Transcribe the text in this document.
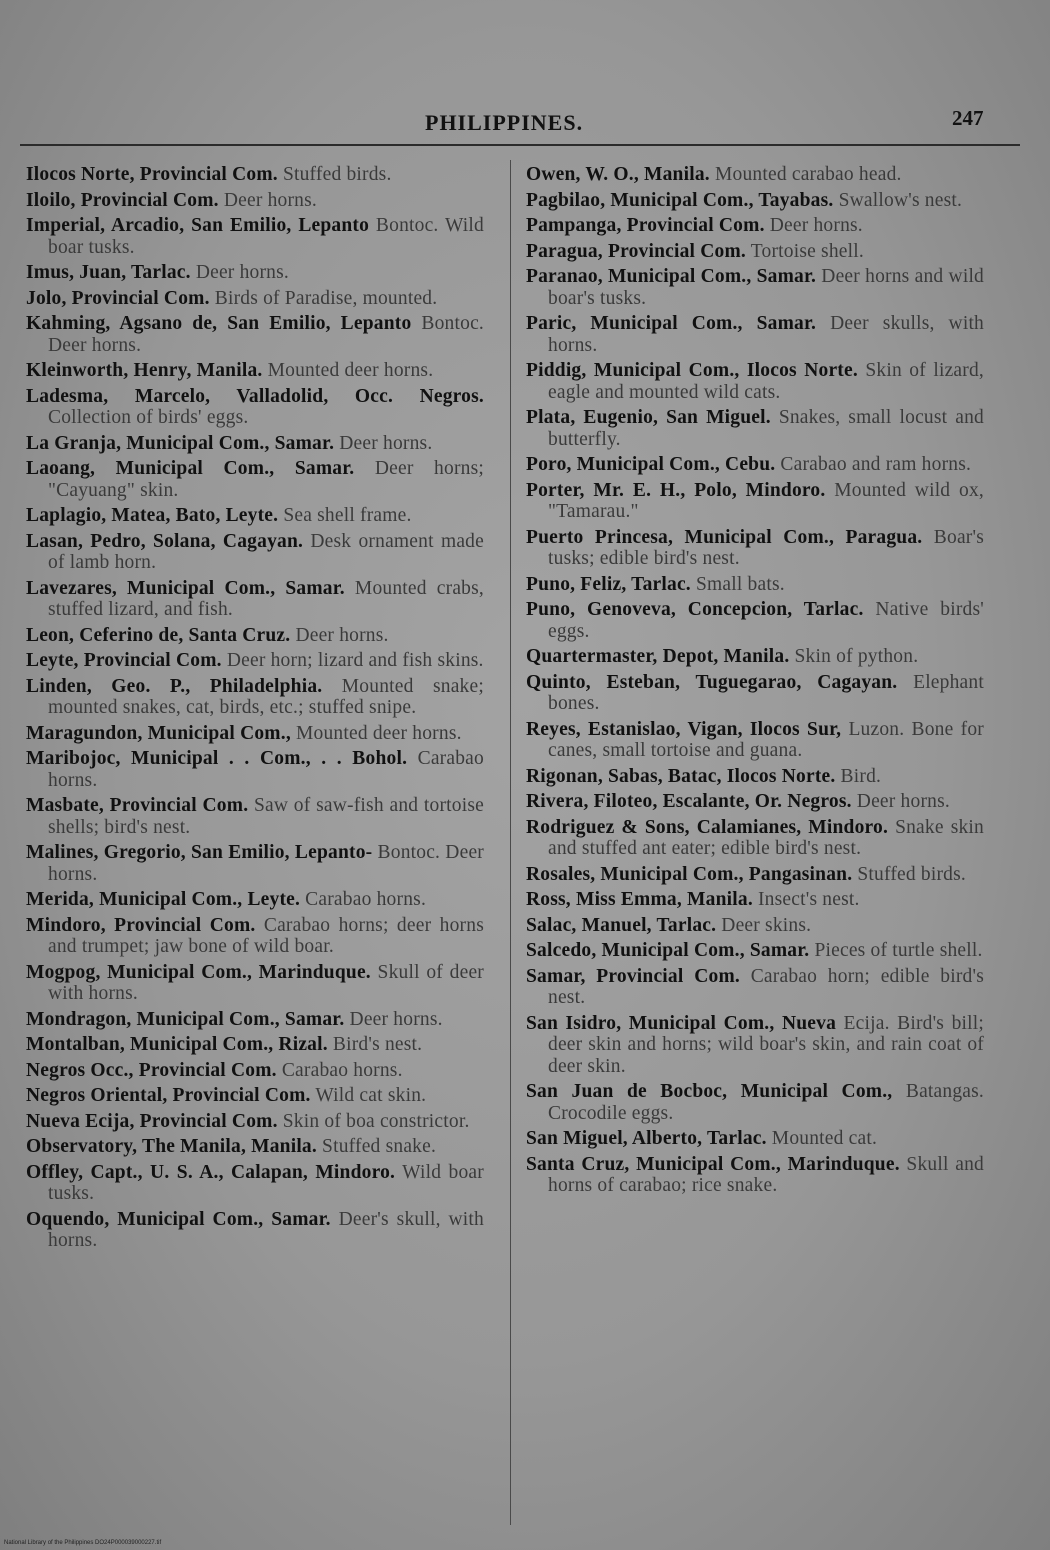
PHILIPPINES.	247

Ilocos Norte, Provincial Com. Stuffed birds.

Iloilo, Provincial Com. Deer horns.

Imperial, Arcadio, San Emilio, Lepanto Bontoc. Wild boar tusks.

Imus, Juan, Tarlac. Deer horns.

Jolo, Provincial Com. Birds of Paradise, mounted.

Kahming, Agsano de, San Emilio, Lepanto Bontoc. Deer horns.

Kleinworth, Henry, Manila. Mounted deer horns.

Ladesma, Marcelo, Valladolid, Occ. Negros. Collection of birds' eggs.

La Granja, Municipal Com., Samar. Deer horns.

Laoang, Municipal Com., Samar. Deer horns; "Cayuang" skin.

Laplagio, Matea, Bato, Leyte. Sea shell frame.

Lasan, Pedro, Solana, Cagayan. Desk ornament made of lamb horn.

Lavezares, Municipal Com., Samar. Mounted crabs, stuffed lizard, and fish.

Leon, Ceferino de, Santa Cruz. Deer horns.

Leyte, Provincial Com. Deer horn; lizard and fish skins.

Linden, Geo. P., Philadelphia. Mounted snake; mounted snakes, cat, birds, etc.; stuffed snipe.

Maragundon, Municipal Com., Mounted deer horns.

Maribojoc, Municipal . . Com., . . Bohol. Carabao horns.

Masbate, Provincial Com. Saw of saw-fish and tortoise shells; bird's nest.

Malines, Gregorio, San Emilio, Lepanto- Bontoc. Deer horns.

Merida, Municipal Com., Leyte. Carabao horns.

Mindoro, Provincial Com. Carabao horns; deer horns and trumpet; jaw bone of wild boar.

Mogpog, Municipal Com., Marinduque. Skull of deer with horns.

Mondragon, Municipal Com., Samar. Deer horns.

Montalban, Municipal Com., Rizal. Bird's nest.

Negros Occ., Provincial Com. Carabao horns.

Negros Oriental, Provincial Com. Wild cat skin.

Nueva Ecija, Provincial Com. Skin of boa constrictor.

Observatory, The Manila, Manila. Stuffed snake.

Offley, Capt., U. S. A., Calapan, Mindoro. Wild boar tusks.

Oquendo, Municipal Com., Samar. Deer's skull, with horns.

Owen, W. O., Manila. Mounted carabao head.

Pagbilao, Municipal Com., Tayabas. Swallow's nest.

Pampanga, Provincial Com. Deer horns.

Paragua, Provincial Com. Tortoise shell.

Paranao, Municipal Com., Samar. Deer horns and wild boar's tusks.

Paric, Municipal Com., Samar. Deer skulls, with horns.

Piddig, Municipal Com., Ilocos Norte. Skin of lizard, eagle and mounted wild cats.

Plata, Eugenio, San Miguel. Snakes, small locust and butterfly.

Poro, Municipal Com., Cebu. Carabao and ram horns.

Porter, Mr. E. H., Polo, Mindoro. Mounted wild ox, "Tamarau."

Puerto Princesa, Municipal Com., Paragua. Boar's tusks; edible bird's nest.

Puno, Feliz, Tarlac. Small bats.

Puno, Genoveva, Concepcion, Tarlac. Native birds' eggs.

Quartermaster, Depot, Manila. Skin of python.

Quinto, Esteban, Tuguegarao, Cagayan. Elephant bones.

Reyes, Estanislao, Vigan, Ilocos Sur, Luzon. Bone for canes, small tortoise and guana.

Rigonan, Sabas, Batac, Ilocos Norte. Bird.

Rivera, Filoteo, Escalante, Or. Negros. Deer horns.

Rodriguez & Sons, Calamianes, Mindoro. Snake skin and stuffed ant eater; edible bird's nest.

Rosales, Municipal Com., Pangasinan. Stuffed birds.

Ross, Miss Emma, Manila. Insect's nest.

Salac, Manuel, Tarlac. Deer skins.

Salcedo, Municipal Com., Samar. Pieces of turtle shell.

Samar, Provincial Com. Carabao horn; edible bird's nest.

San Isidro, Municipal Com., Nueva Ecija. Bird's bill; deer skin and horns; wild boar's skin, and rain coat of deer skin.

San Juan de Bocboc, Municipal Com., Batangas. Crocodile eggs.

San Miguel, Alberto, Tarlac. Mounted cat.

Santa Cruz, Municipal Com., Marinduque. Skull and horns of carabao; rice snake.

National Library of the Philippines DO24P000039000227.tif
